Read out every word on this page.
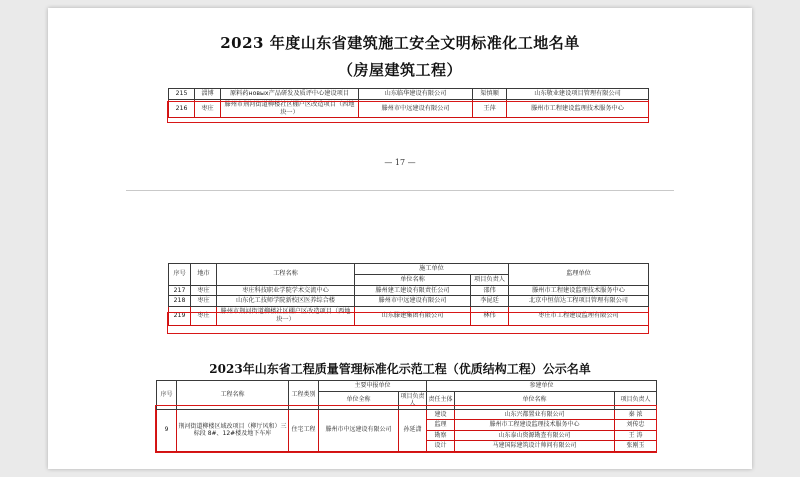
2023 年度山东省建筑施工安全文明标准化工地名单
（房屋建筑工程）
215	淄博	原料药новых产品研发及质评中心建设项目	山东临华建设有限公司	渠慎顺	山东敬业建设项目管理有限公司
216	枣庄	滕州市荆河街道柳楼社区棚户区改造项目（西地块一）	滕州市中远建设有限公司	王萍	滕州市工程建设监理技术服务中心
— 17 —
序号	地市	工程名称	施工单位		监理单位
			单位名称	项目负责人	
217	枣庄	枣庄科技职业学院学术交流中心	滕州建工建设有限责任公司	邵伟	滕州市工程建设监理技术服务中心
218	枣庄	山东化工技师学院新校区医养综合楼	滕州市中远建设有限公司	李昆廷	北京中恒信达工程项目管理有限公司
219	枣庄	滕州市荆河街道柳楼社区棚户区改造项目（西地块一）	山东滕建集团有限公司	林伟	枣庄市工程建设监理有限公司
2023年山东省工程质量管理标准化示范工程（优质结构工程）公示名单
序号	工程名称	工程类别	主要申报单位		参建单位		
			单位全称	项目负责人	责任主体	单位名称	项目负责人
9	荆河街道柳楼区域改项目（柳厅风和）三标段 8#、12#楼及地下车库	住宅工程	滕州市中远建设有限公司	孙延潇	建设	山东兴都置业有限公司	秦 浓
					监理	滕州市工程建设监理技术服务中心	刘传忠
					勘察	山东泰山资源勘查有限公司	王 涛
					设计	马建国际建筑设计帅问有限公司	张刚玉
